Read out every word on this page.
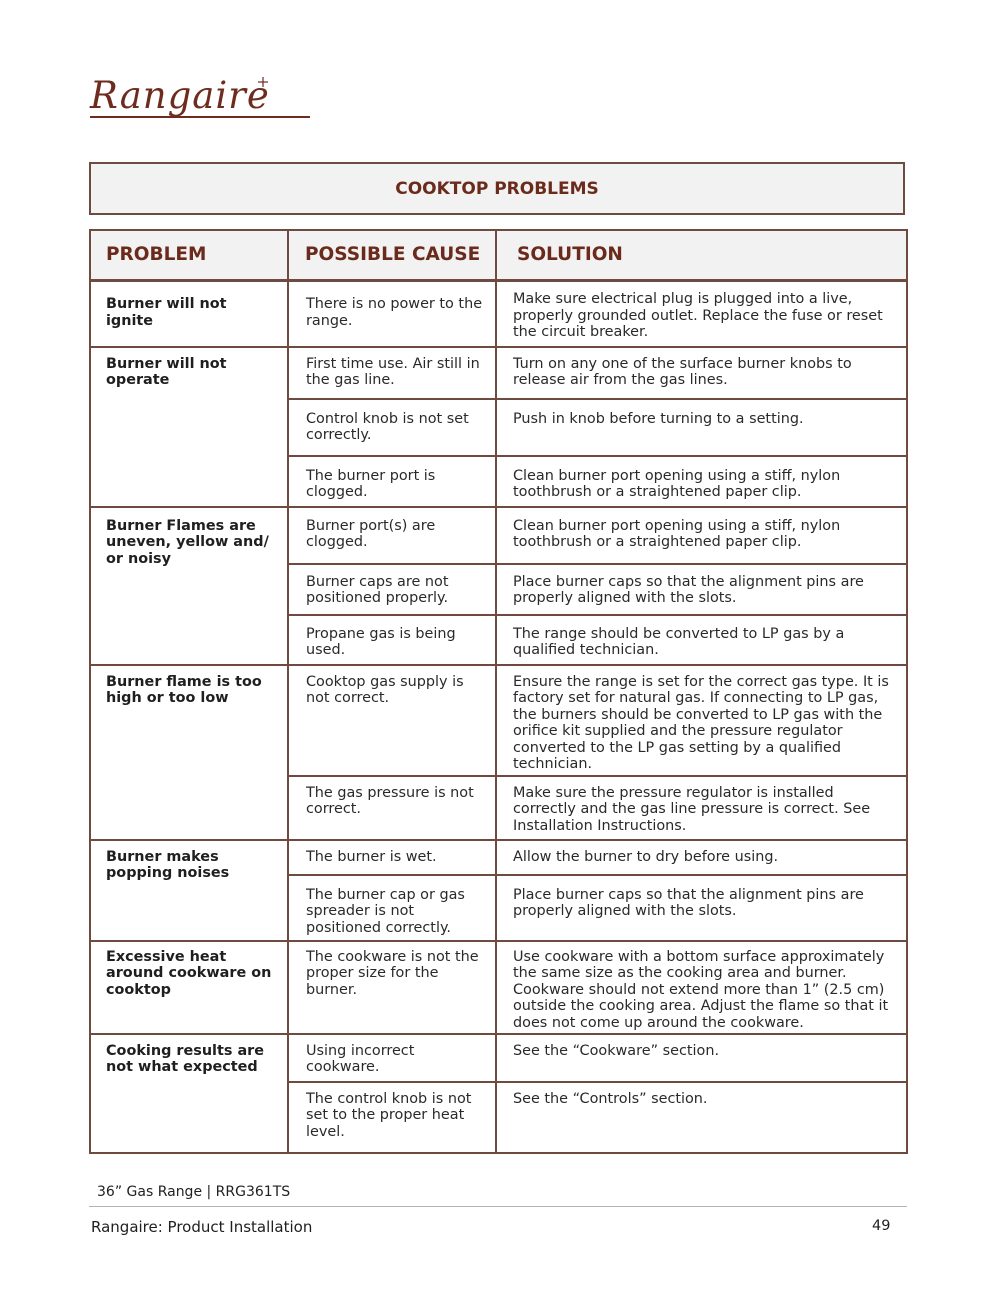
Rangaire
COOKTOP PROBLEMS
PROBLEM	POSSIBLE CAUSE	SOLUTION
Burner will not ignite	There is no power to the range.	Make sure electrical plug is plugged into a live, properly grounded outlet. Replace the fuse or reset the circuit breaker.
Burner will not operate	First time use. Air still in the gas line.	Turn on any one of the surface burner knobs to release air from the gas lines.
	Control knob is not set correctly.	Push in knob before turning to a setting.
	The burner port is clogged.	Clean burner port opening using a stiff, nylon toothbrush or a straightened paper clip.
Burner Flames are uneven, yellow and/ or noisy	Burner port(s) are clogged.	Clean burner port opening using a stiff, nylon toothbrush or a straightened paper clip.
	Burner caps are not positioned properly.	Place burner caps so that the alignment pins are properly aligned with the slots.
	Propane gas is being used.	The range should be converted to LP gas by a qualified technician.
Burner flame is too high or too low	Cooktop gas supply is not correct.	Ensure the range is set for the correct gas type. It is factory set for natural gas. If connecting to LP gas, the burners should be converted to LP gas with the orifice kit supplied and the pressure regulator converted to the LP gas setting by a qualified technician.
	The gas pressure is not correct.	Make sure the pressure regulator is installed correctly and the gas line pressure is correct. See Installation Instructions.
Burner makes popping noises	The burner is wet.	Allow the burner to dry before using.
	The burner cap or gas spreader is not positioned correctly.	Place burner caps so that the alignment pins are properly aligned with the slots.
Excessive heat around cookware on cooktop	The cookware is not the proper size for the burner.	Use cookware with a bottom surface approximately the same size as the cooking area and burner. Cookware should not extend more than 1” (2.5 cm) outside the cooking area. Adjust the flame so that it does not come up around the cookware.
Cooking results are not what expected	Using incorrect cookware.	See the “Cookware” section.
	The control knob is not set to the proper heat level.	See the “Controls” section.
36” Gas Range | RRG361TS
Rangaire: Product Installation	49
